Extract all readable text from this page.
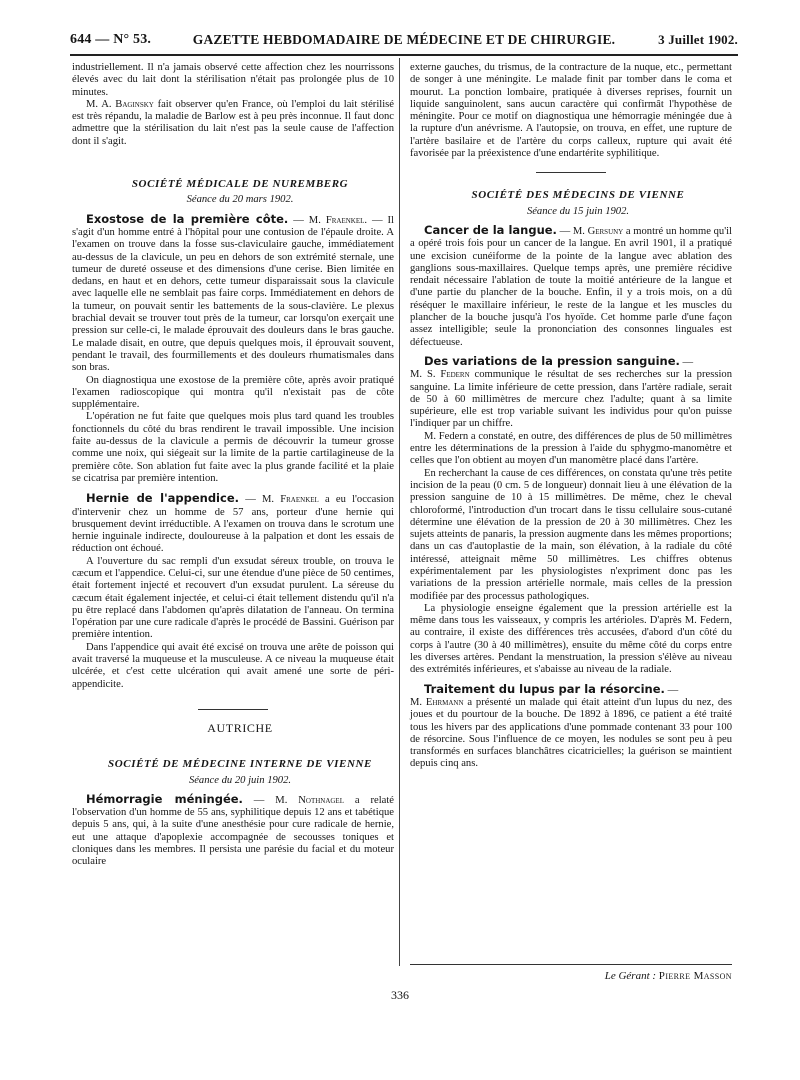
644 — N° 53.	GAZETTE HEBDOMADAIRE DE MÉDECINE ET DE CHIRURGIE.	3 Juillet 1902.

industriellement. Il n'a jamais observé cette affection chez les nourrissons élevés avec du lait dont la stérilisation n'était pas prolongée plus de 10 minutes.

M. A. Baginsky fait observer qu'en France, où l'emploi du lait stérilisé est très répandu, la maladie de Barlow est à peu près inconnue. Il faut donc admettre que la stérilisation du lait n'est pas la seule cause de l'affection dont il s'agit.

SOCIÉTÉ MÉDICALE DE NUREMBERG

Séance du 20 mars 1902.

Exostose de la première côte. — M. Fraenkel. — Il s'agit d'un homme entré à l'hôpital pour une contusion de l'épaule droite. A l'examen on trouve dans la fosse sus-claviculaire gauche, immédiatement au-dessus de la clavicule, un peu en dehors de son extrémité sternale, une tumeur de dureté osseuse et des dimensions d'une cerise. Bien limitée en dedans, en haut et en dehors, cette tumeur disparaissait sous la clavicule avec laquelle elle ne semblait pas faire corps. Immédiatement en dehors de la tumeur, on pouvait sentir les battements de la sous-clavière. Le plexus brachial devait se trouver tout près de la tumeur, car lorsqu'on exerçait une pression sur celle-ci, le malade éprouvait des douleurs dans le bras gauche. Le malade disait, en outre, que depuis quelques mois, il éprouvait souvent, pendant le travail, des fourmillements et des douleurs rhumatismales dans son bras.

On diagnostiqua une exostose de la première côte, après avoir pratiqué l'examen radioscopique qui montra qu'il n'existait pas de côte supplémentaire.

L'opération ne fut faite que quelques mois plus tard quand les troubles fonctionnels du côté du bras rendirent le travail impossible. Une incision faite au-dessus de la clavicule a permis de découvrir la tumeur grosse comme une noix, qui siégeait sur la limite de la partie cartilagineuse de la première côte. Son ablation fut faite avec la plus grande facilité et la plaie se cicatrisa par première intention.

Hernie de l'appendice. — M. Fraenkel a eu l'occasion d'intervenir chez un homme de 57 ans, porteur d'une hernie qui brusquement devint irréductible. A l'examen on trouva dans le scrotum une hernie inguinale indirecte, douloureuse à la palpation et dont les essais de réduction ont échoué.

A l'ouverture du sac rempli d'un exsudat séreux trouble, on trouva le cæcum et l'appendice. Celui-ci, sur une étendue d'une pièce de 50 centimes, était fortement injecté et recouvert d'un exsudat purulent. La séreuse du cæcum était également injectée, et celui-ci était tellement distendu qu'il n'a pu être replacé dans l'abdomen qu'après dilatation de l'anneau. On termina l'opération par une cure radicale d'après le procédé de Bassini. Guérison par première intention.

Dans l'appendice qui avait été excisé on trouva une arête de poisson qui avait traversé la muqueuse et la musculeuse. A ce niveau la muqueuse était ulcérée, et c'est cette ulcération qui avait amené une sorte de péri-appendicite.

AUTRICHE

SOCIÉTÉ DE MÉDECINE INTERNE DE VIENNE

Séance du 20 juin 1902.

Hémorragie méningée. — M. Nothnagel a relaté l'observation d'un homme de 55 ans, syphilitique depuis 12 ans et tabétique depuis 5 ans, qui, à la suite d'une anesthésie pour cure radicale de hernie, eut une attaque d'apoplexie accompagnée de secousses toniques et cloniques dans les membres. Il persista une parésie du facial et du moteur oculaire

externe gauches, du trismus, de la contracture de la nuque, etc., permettant de songer à une méningite. Le malade finit par tomber dans le coma et mourut. La ponction lombaire, pratiquée à diverses reprises, fournit un liquide sanguinolent, sans aucun caractère qui confirmât l'hypothèse de méningite. Pour ce motif on diagnostiqua une hémorragie méningée due à la rupture d'un anévrisme. A l'autopsie, on trouva, en effet, une rupture de l'artère basilaire et de l'artère du corps calleux, rupture qui avait été favorisée par la préexistence d'une endartérite syphilitique.

SOCIÉTÉ DES MÉDECINS DE VIENNE

Séance du 15 juin 1902.

Cancer de la langue. — M. Gersuny a montré un homme qu'il a opéré trois fois pour un cancer de la langue. En avril 1901, il a pratiqué une excision cunéiforme de la pointe de la langue avec ablation des ganglions sous-maxillaires. Quelque temps après, une première récidive rendait nécessaire l'ablation de toute la moitié antérieure de la langue et d'une partie du plancher de la bouche. Enfin, il y a trois mois, on a dû réséquer le maxillaire inférieur, le reste de la langue et les muscles du plancher de la bouche jusqu'à l'os hyoïde. Cet homme parle d'une façon assez intelligible; seule la prononciation des consonnes linguales est défectueuse.

Des variations de la pression sanguine. —
M. S. Federn communique le résultat de ses recherches sur la pression sanguine. La limite inférieure de cette pression, dans l'artère radiale, serait de 50 à 60 millimètres de mercure chez l'adulte; quant à sa limite supérieure, elle est trop variable suivant les individus pour qu'on puisse l'indiquer par un chiffre.

M. Federn a constaté, en outre, des différences de plus de 50 millimètres entre les déterminations de la pression à l'aide du sphygmo-manomètre et celles que l'on obtient au moyen d'un manomètre placé dans l'artère.

En recherchant la cause de ces différences, on constata qu'une très petite incision de la peau (0 cm. 5 de longueur) donnait lieu à une élévation de la pression sanguine de 10 à 15 millimètres. De même, chez le cheval chloroformé, l'introduction d'un trocart dans le tissu cellulaire sous-cutané détermine une élévation de la pression de 20 à 30 millimètres. Chez les sujets atteints de panaris, la pression augmente dans les mêmes proportions; dans un cas d'autoplastie de la main, son élévation, à la radiale du côté intéressé, atteignait même 50 millimètres. Les chiffres obtenus expérimentalement par les physiologistes n'expriment donc pas les variations de la pression artérielle normale, mais celles de la pression modifiée par des processus pathologiques.

La physiologie enseigne également que la pression artérielle est la même dans tous les vaisseaux, y compris les artérioles. D'après M. Federn, au contraire, il existe des différences très accusées, d'abord d'un côté du corps à l'autre (30 à 40 millimètres), ensuite du même côté du corps entre les diverses artères. Pendant la menstruation, la pression s'élève au niveau des extrémités inférieures, et s'abaisse au niveau de la radiale.

Traitement du lupus par la résorcine. —
M. Ehrmann a présenté un malade qui était atteint d'un lupus du nez, des joues et du pourtour de la bouche. De 1892 à 1896, ce patient a été traité tous les hivers par des applications d'une pommade contenant 33 pour 100 de résorcine. Sous l'influence de ce moyen, les nodules se sont peu à peu transformés en surfaces blanchâtres cicatricielles; la guérison se maintient depuis cinq ans.

Le Gérant : Pierre Masson
336
